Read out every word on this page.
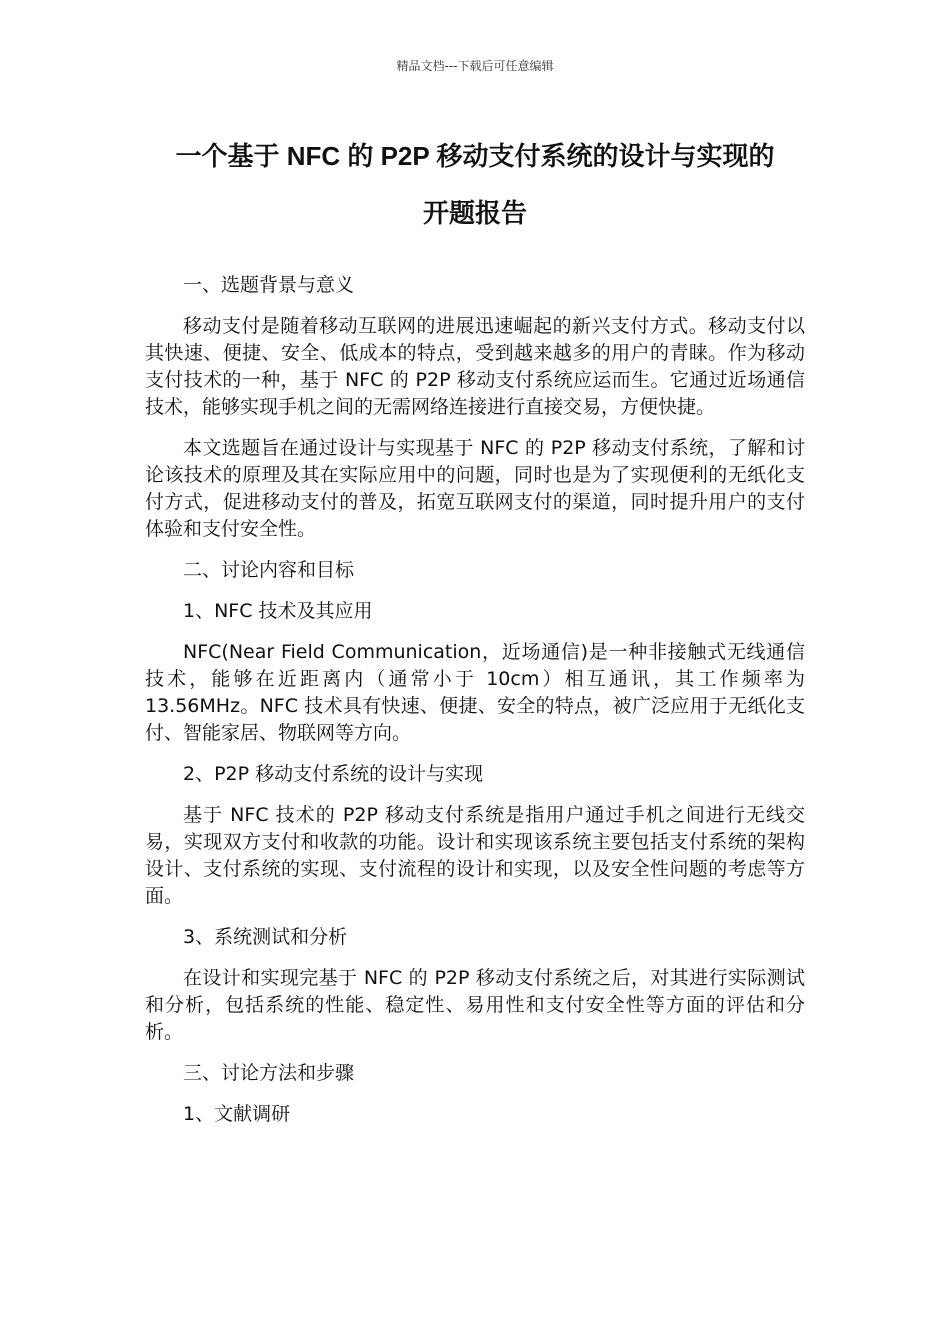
精品文档---下载后可任意编辑
一个基于 NFC 的 P2P 移动支付系统的设计与实现的
开题报告

一、选题背景与意义

移动支付是随着移动互联网的进展迅速崛起的新兴支付方式。移动支付以其快速、便捷、安全、低成本的特点，受到越来越多的用户的青睐。作为移动支付技术的一种，基于 NFC 的 P2P 移动支付系统应运而生。它通过近场通信技术，能够实现手机之间的无需网络连接进行直接交易，方便快捷。

本文选题旨在通过设计与实现基于 NFC 的 P2P 移动支付系统，了解和讨论该技术的原理及其在实际应用中的问题，同时也是为了实现便利的无纸化支付方式，促进移动支付的普及，拓宽互联网支付的渠道，同时提升用户的支付体验和支付安全性。

二、讨论内容和目标

1、NFC 技术及其应用

NFC(Near Field Communication，近场通信)是一种非接触式无线通信技术，能够在近距离内（通常小于 10cm）相互通讯，其工作频率为 13.56MHz。NFC 技术具有快速、便捷、安全的特点，被广泛应用于无纸化支付、智能家居、物联网等方向。

2、P2P 移动支付系统的设计与实现

基于 NFC 技术的 P2P 移动支付系统是指用户通过手机之间进行无线交易，实现双方支付和收款的功能。设计和实现该系统主要包括支付系统的架构设计、支付系统的实现、支付流程的设计和实现，以及安全性问题的考虑等方面。

3、系统测试和分析

在设计和实现完基于 NFC 的 P2P 移动支付系统之后，对其进行实际测试和分析，包括系统的性能、稳定性、易用性和支付安全性等方面的评估和分析。

三、讨论方法和步骤

1、文献调研
